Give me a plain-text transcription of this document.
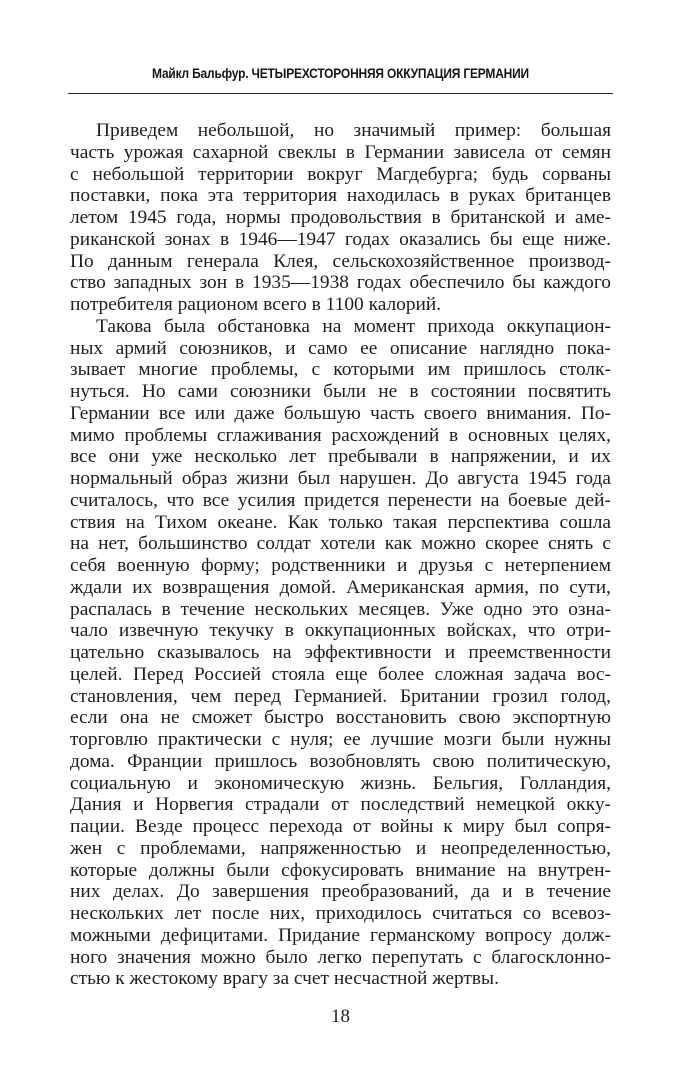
Майкл Бальфур. ЧЕТЫРЕХСТОРОННЯЯ ОККУПАЦИЯ ГЕРМАНИИ
Приведем небольшой, но значимый пример: большая
часть урожая сахарной свеклы в Германии зависела от семян
с небольшой территории вокруг Магдебурга; будь сорваны
поставки, пока эта территория находилась в руках британцев
летом 1945 года, нормы продовольствия в британской и аме-
риканской зонах в 1946—1947 годах оказались бы еще ниже.
По данным генерала Клея, сельскохозяйственное производ-
ство западных зон в 1935—1938 годах обеспечило бы каждого
потребителя рационом всего в 1100 калорий.
Такова была обстановка на момент прихода оккупацион-
ных армий союзников, и само ее описание наглядно пока-
зывает многие проблемы, с которыми им пришлось столк-
нуться. Но сами союзники были не в состоянии посвятить
Германии все или даже большую часть своего внимания. По-
мимо проблемы сглаживания расхождений в основных целях,
все они уже несколько лет пребывали в напряжении, и их
нормальный образ жизни был нарушен. До августа 1945 года
считалось, что все усилия придется перенести на боевые дей-
ствия на Тихом океане. Как только такая перспектива сошла
на нет, большинство солдат хотели как можно скорее снять с
себя военную форму; родственники и друзья с нетерпением
ждали их возвращения домой. Американская армия, по сути,
распалась в течение нескольких месяцев. Уже одно это озна-
чало извечную текучку в оккупационных войсках, что отри-
цательно сказывалось на эффективности и преемственности
целей. Перед Россией стояла еще более сложная задача вос-
становления, чем перед Германией. Британии грозил голод,
если она не сможет быстро восстановить свою экспортную
торговлю практически с нуля; ее лучшие мозги были нужны
дома. Франции пришлось возобновлять свою политическую,
социальную и экономическую жизнь. Бельгия, Голландия,
Дания и Норвегия страдали от последствий немецкой окку-
пации. Везде процесс перехода от войны к миру был сопря-
жен с проблемами, напряженностью и неопределенностью,
которые должны были сфокусировать внимание на внутрен-
них делах. До завершения преобразований, да и в течение
нескольких лет после них, приходилось считаться со всевоз-
можными дефицитами. Придание германскому вопросу долж-
ного значения можно было легко перепутать с благосклонно-
стью к жестокому врагу за счет несчастной жертвы.
18
